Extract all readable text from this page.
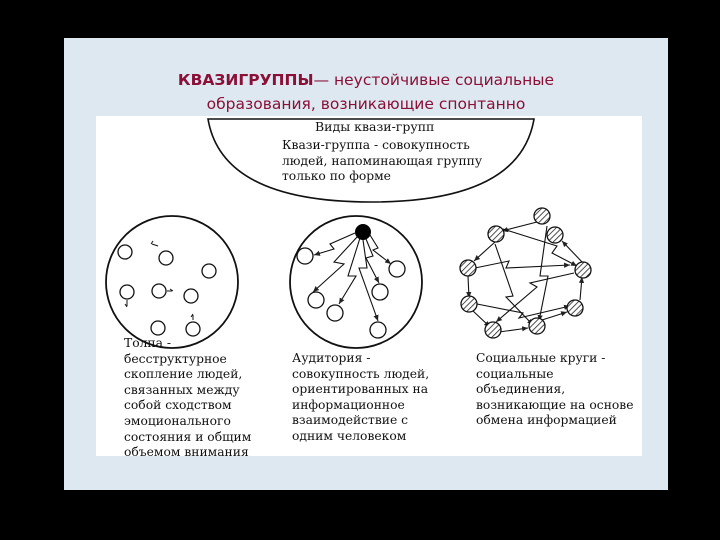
КВАЗИГРУППЫ— неустойчивые социальные
образования, возникающие спонтанно
Виды квази-групп
Квази-группа - совокупность
людей, напоминающая группу
только по форме
Толпа -
бесструктурное
скопление людей,
связанных между
собой сходством
эмоционального
состояния и общим
объемом внимания
Аудитория -
совокупность людей,
ориентированных на
информационное
взаимодействие с
одним человеком
Социальные круги -
социальные
объединения,
возникающие на основе
обмена информацией
